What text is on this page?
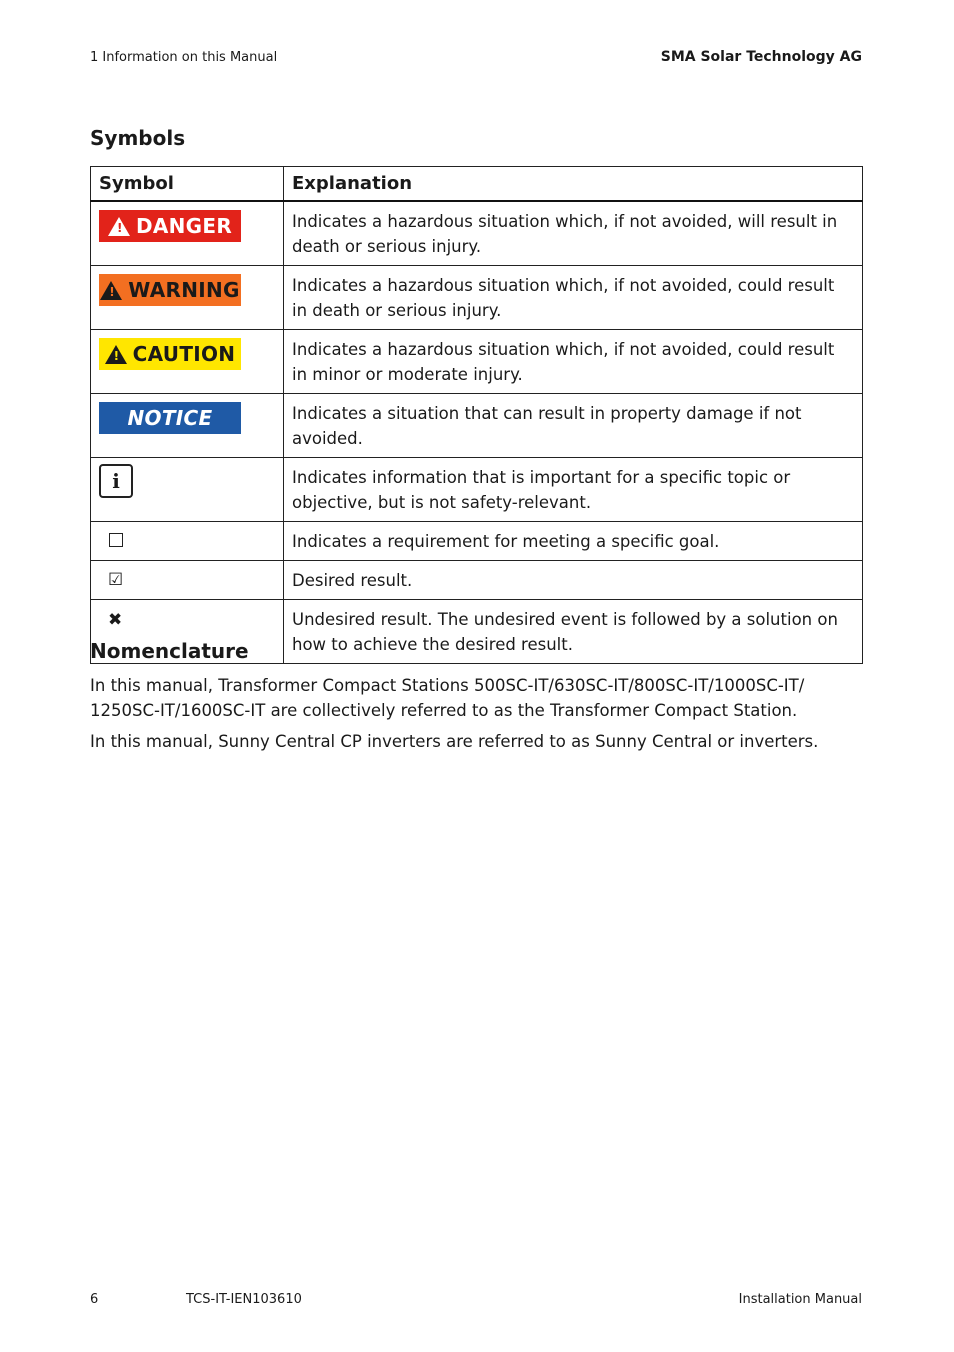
1 Information on this Manual	SMA Solar Technology AG
Symbols
Symbol	Explanation

! DANGER	Indicates a hazardous situation which, if not avoided, will result in death or serious injury.

! WARNING	Indicates a hazardous situation which, if not avoided, could result in death or serious injury.

! CAUTION	Indicates a hazardous situation which, if not avoided, could result in minor or moderate injury.

NOTICE	Indicates a situation that can result in property damage if not avoided.
i	Indicates information that is important for a specific topic or objective, but is not safety-relevant.
	Indicates a requirement for meeting a specific goal.
☑	Desired result.
✖	Undesired result. The undesired event is followed by a solution on how to achieve the desired result.
Nomenclature
In this manual, Transformer Compact Stations 500SC-IT/630SC-IT/800SC-IT/1000SC-IT/ 1250SC-IT/1600SC-IT are collectively referred to as the Transformer Compact Station.
In this manual, Sunny Central CP inverters are referred to as Sunny Central or inverters.
6	TCS-IT-IEN103610	Installation Manual
